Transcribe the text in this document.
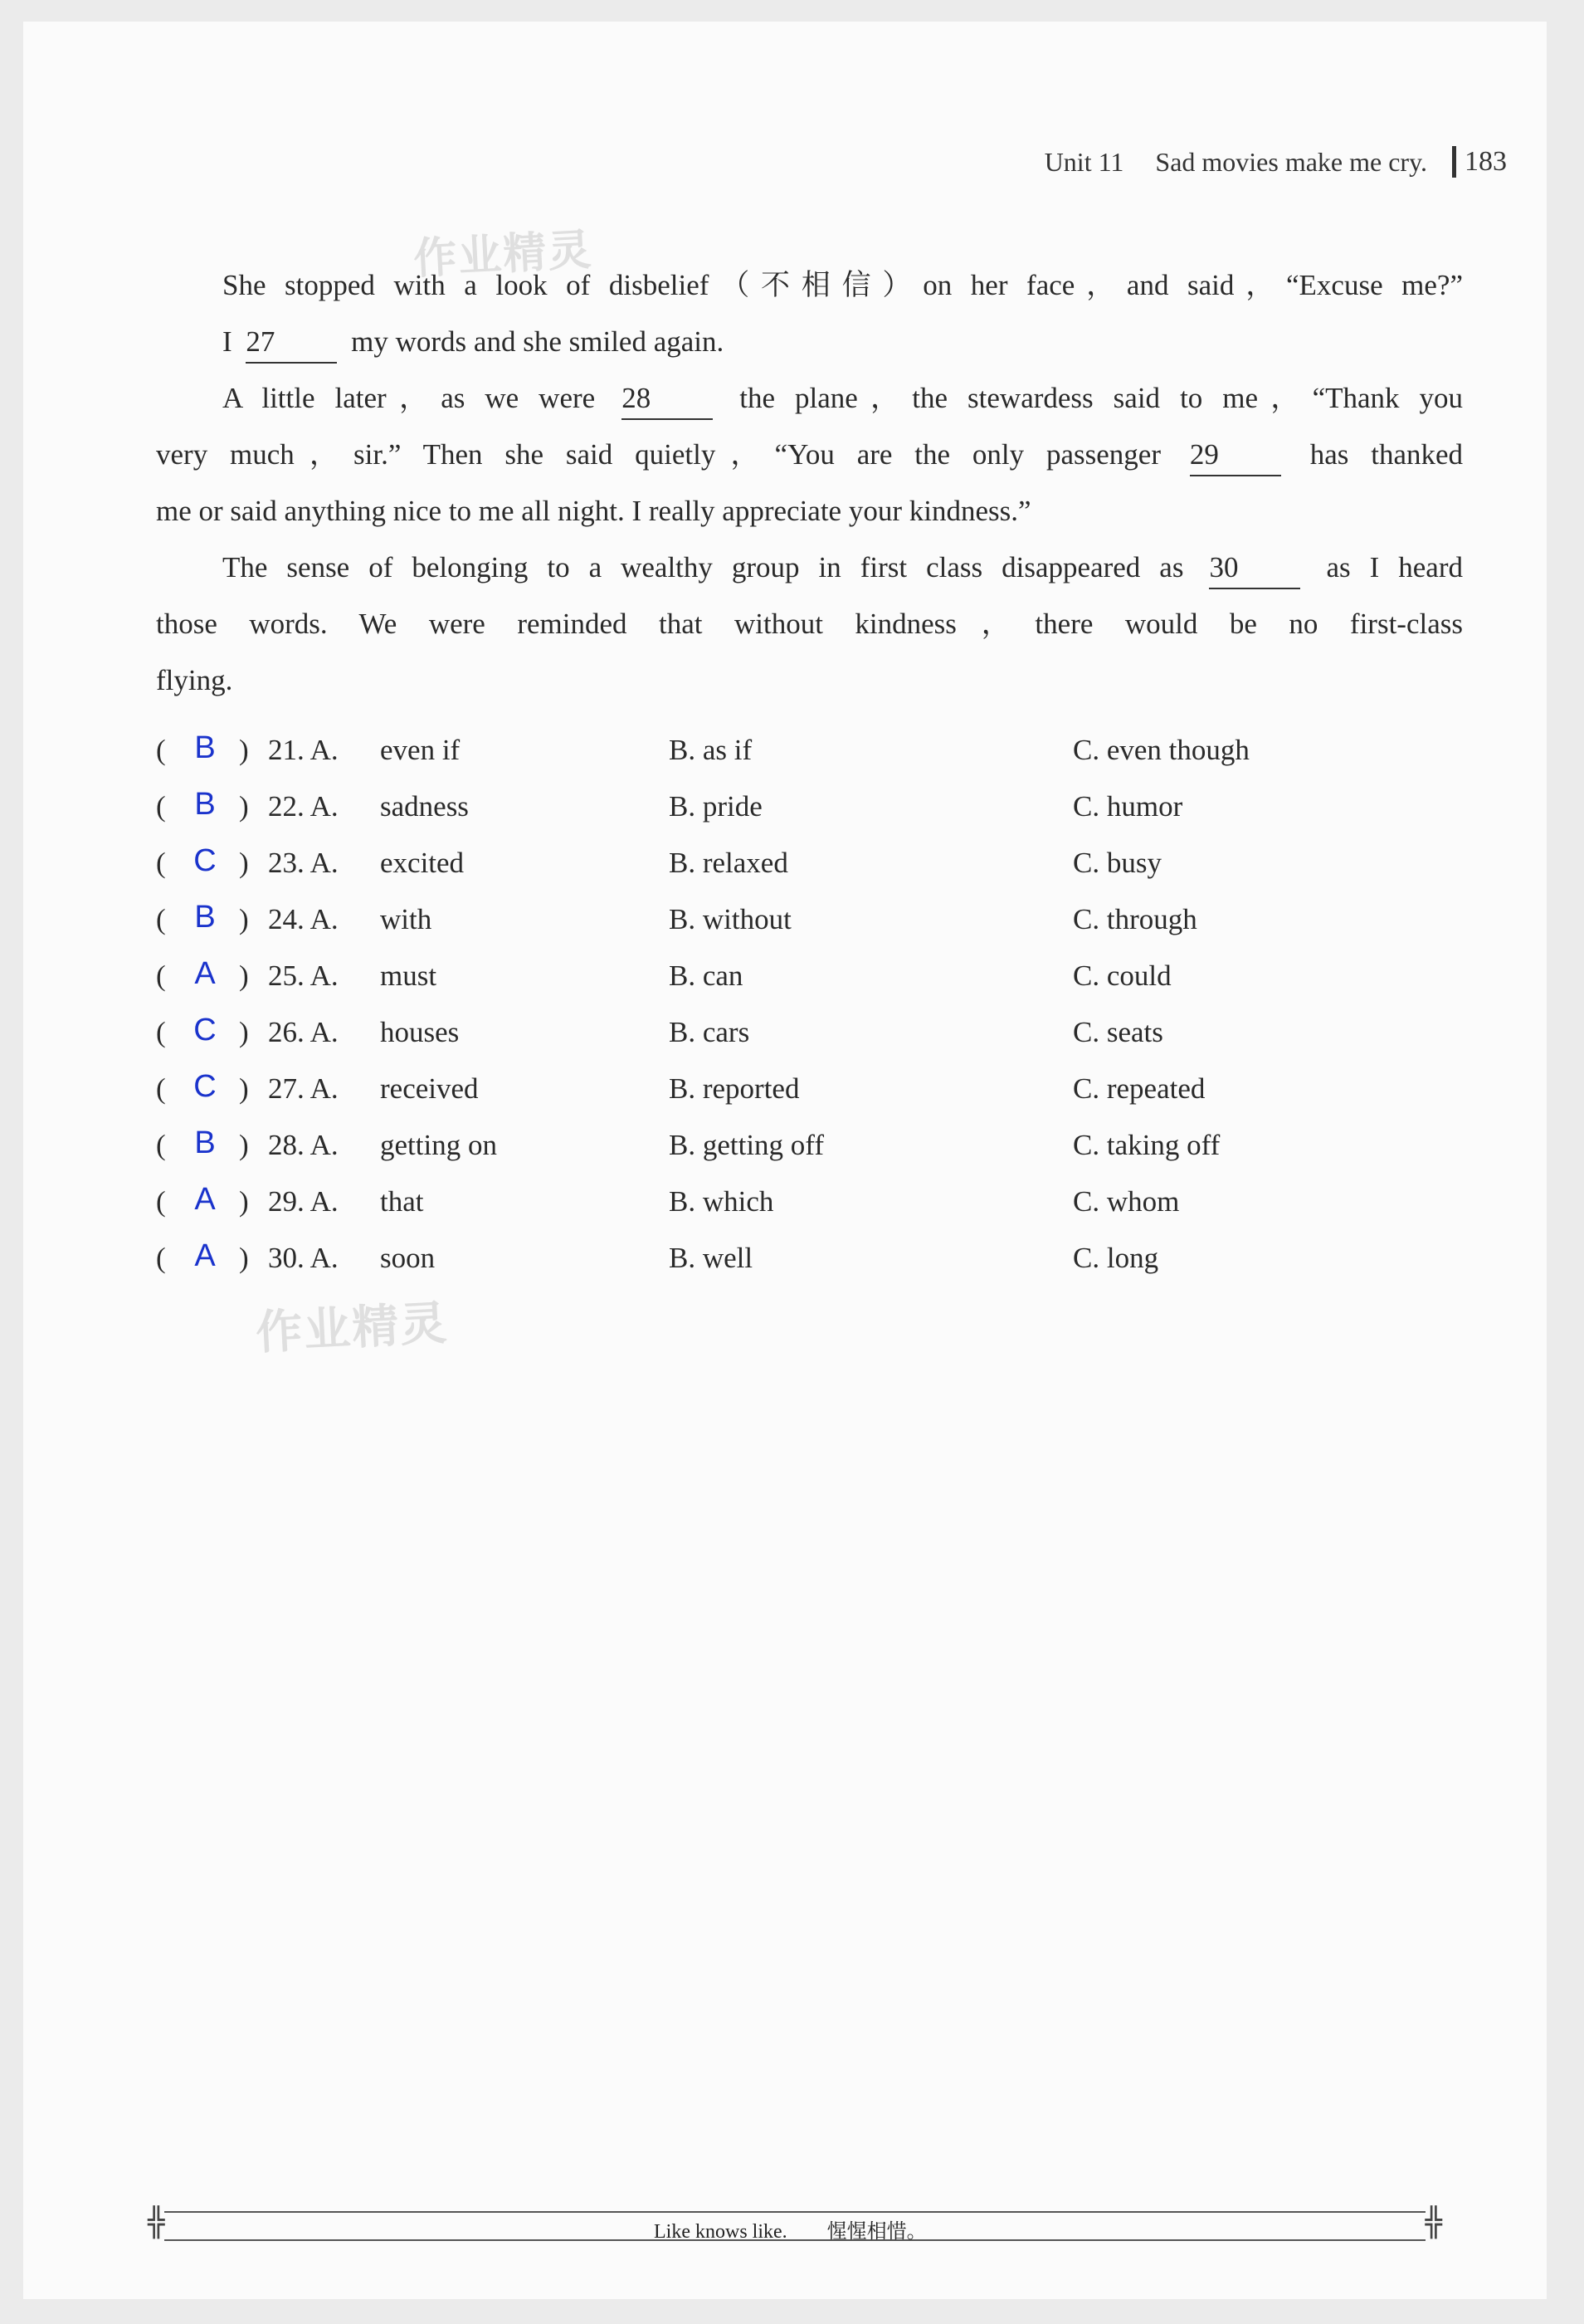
Unit 11 Sad movies make me cry. 183
作业精灵
She stopped with a look of disbelief（不相信）on her face，and said，“Excuse me?”
I 27	my words and she smiled again.
A little later，as we were 28	the plane，the stewardess said to me，“Thank you
very much，sir.” Then she said quietly，“You are the only passenger 29	has thanked
me or said anything nice to me all night. I really appreciate your kindness.”
The sense of belonging to a wealthy group in first class disappeared as 30	as I heard
those words. We were reminded that without kindness，there would be no first-class
flying.
( B ) 21. A. even if	B. as if	C. even though
( B ) 22. A. sadness	B. pride	C. humor
( C ) 23. A. excited	B. relaxed	C. busy
( B ) 24. A. with	B. without	C. through
( A ) 25. A. must	B. can	C. could
( C ) 26. A. houses	B. cars	C. seats
( C ) 27. A. received	B. reported	C. repeated
( B ) 28. A. getting on	B. getting off	C. taking off
( A ) 29. A. that	B. which	C. whom
( A ) 30. A. soon	B. well	C. long
作业精灵
╬	╬
Like knows like. 惺惺相惜。
